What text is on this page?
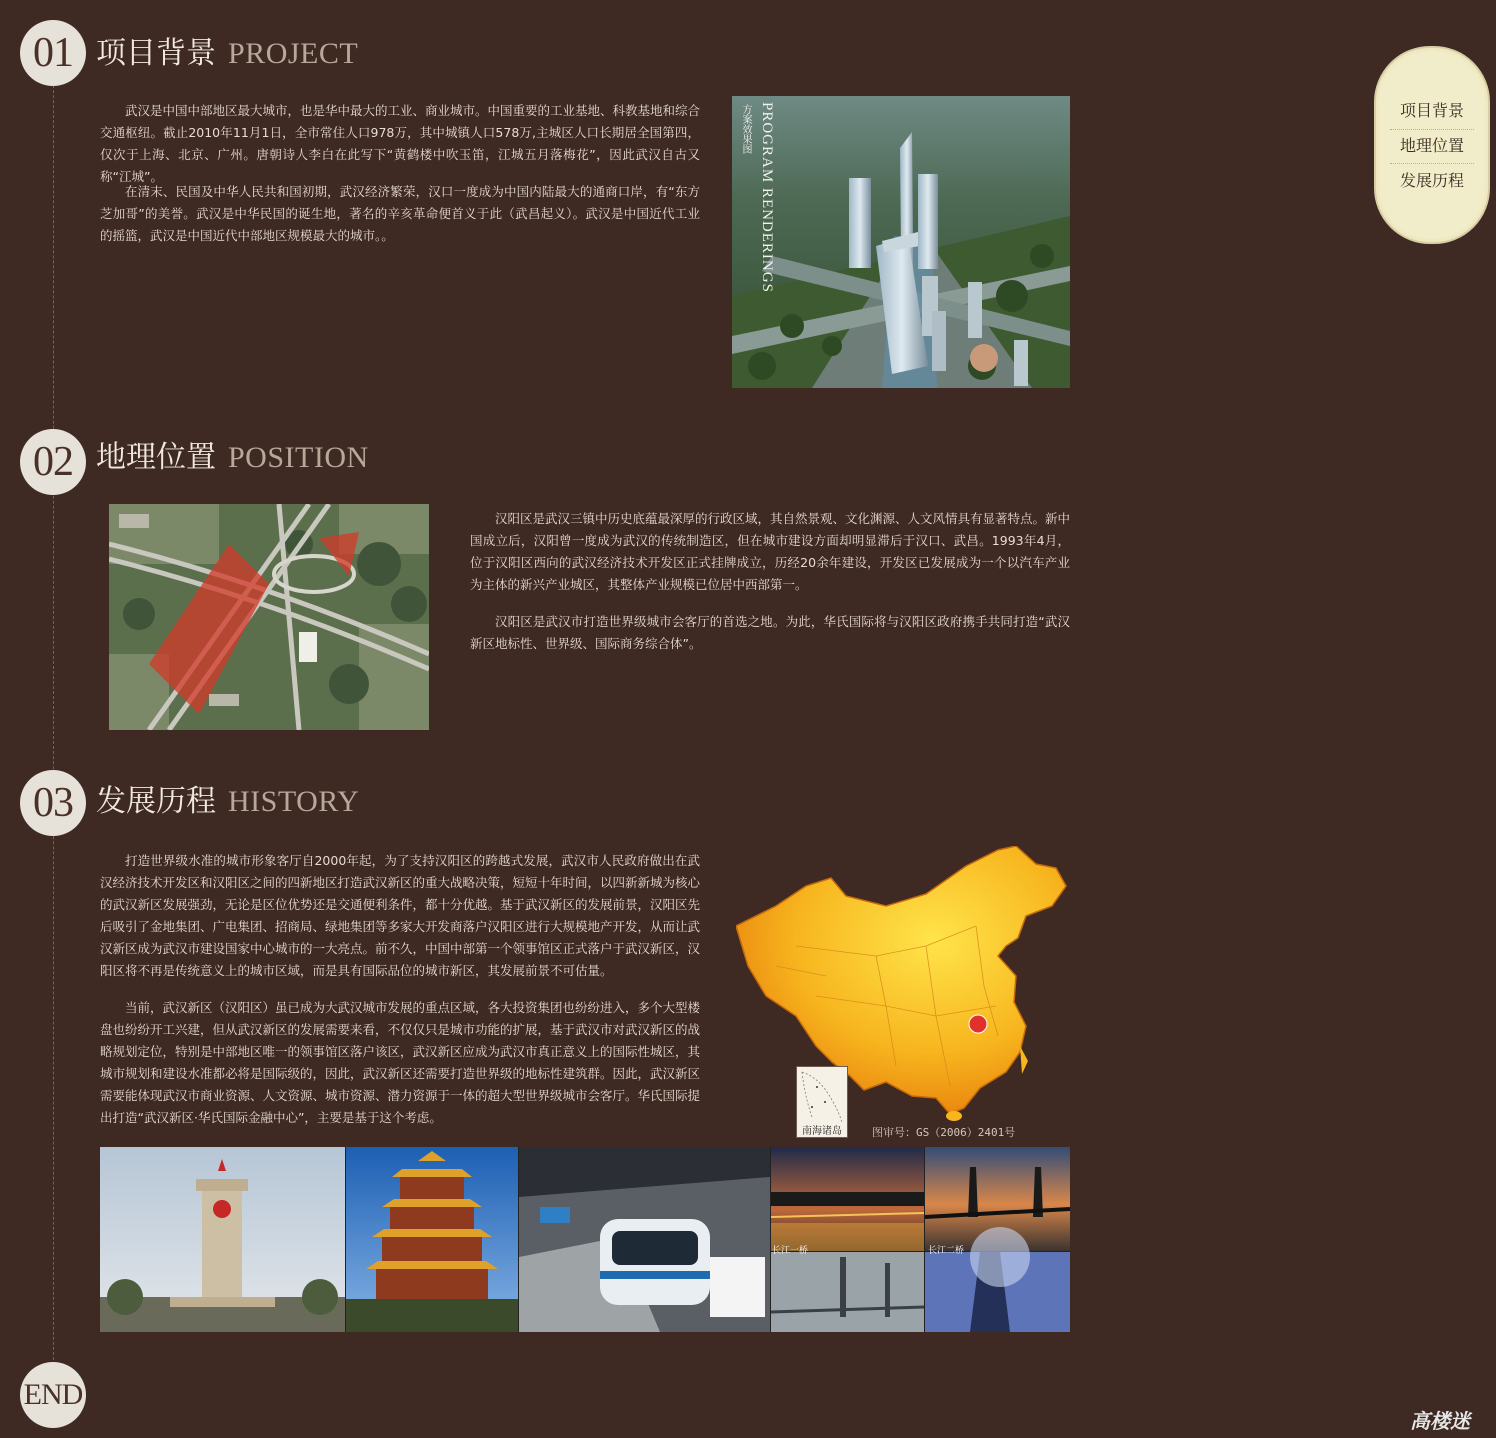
01 项目背景 PROJECT

武汉是中国中部地区最大城市，也是华中最大的工业、商业城市。中国重要的工业基地、科教基地和综合交通枢纽。截止2010年11月1日，全市常住人口978万，其中城镇人口578万,主城区人口长期居全国第四，仅次于上海、北京、广州。唐朝诗人李白在此写下“黄鹤楼中吹玉笛，江城五月落梅花”，因此武汉自古又 称“江城”。

在清末、民国及中华人民共和国初期，武汉经济繁荣，汉口一度成为中国内陆最大的通商口岸，有“东方芝加哥”的美誉。武汉是中华民国的诞生地，著名的辛亥革命便首义于此（武昌起义）。武汉是中国近代工业的摇篮，武汉是中国近代中部地区规模最大的城市。。	PROGRAM RENDERINGS
方案效果图
02 地理位置 POSITION

汉阳区是武汉三镇中历史底蕴最深厚的行政区域，其自然景观、文化渊源、人文风情具有显著特点。新中国成立后，汉阳曾一度成为武汉的传统制造区，但在城市建设方面却明显滞后于汉口、武昌。1993年4月，位于汉阳区西向的武汉经济技术开发区正式挂牌成立，历经20余年建设，开发区已发展成为一个以汽车产业为主体的新兴产业城区，其整体产业规模已位居中西部第一。

汉阳区是武汉市打造世界级城市会客厅的首选之地。为此，华氏国际将与汉阳区政府携手共同打造“武汉新区地标性、世界级、国际商务综合体”。

03 发展历程 HISTORY

打造世界级水准的城市形象客厅自2000年起，为了支持汉阳区的跨越式发展，武汉市人民政府做出在武汉经济技术开发区和汉阳区之间的四新地区打造武汉新区的重大战略决策，短短十年时间，以四新新城为核心的武汉新区发展强劲，无论是区位优势还是交通便利条件，都十分优越。基于武汉新区的发展前景，汉阳区先后吸引了金地集团、广电集团、招商局、绿地集团等多家大开发商落户汉阳区进行大规模地产开发，从而让武汉新区成为武汉市建设国家中心城市的一大亮点。前不久，中国中部第一个领事馆区正式落户于武汉新区，汉阳区将不再是传统意义上的城市区域，而是具有国际品位的城市新区，其发展前景不可估量。

当前，武汉新区（汉阳区）虽已成为大武汉城市发展的重点区域，各大投资集团也纷纷进入，多个大型楼盘也纷纷开工兴建，但从武汉新区的发展需要来看，不仅仅只是城市功能的扩展，基于武汉市对武汉新区的战略规划定位，特别是中部地区唯一的领事馆区落户该区，武汉新区应成为武汉市真正意义上的国际性城区，其城市规划和建设水准都必将是国际级的，因此，武汉新区还需要打造世界级的地标性建筑群。因此，武汉新区需要能体现武汉市商业资源、人文资源、城市资源、潜力资源于一体的超大型世界级城市会客厅。华氏国际提出打造“武汉新区·华氏国际金融中心”，主要是基于这个考虑。

南海诸岛	图审号：GS（2006）2401号
长江一桥	长江二桥
END
项目背景
地理位置
发展历程
高楼迷
